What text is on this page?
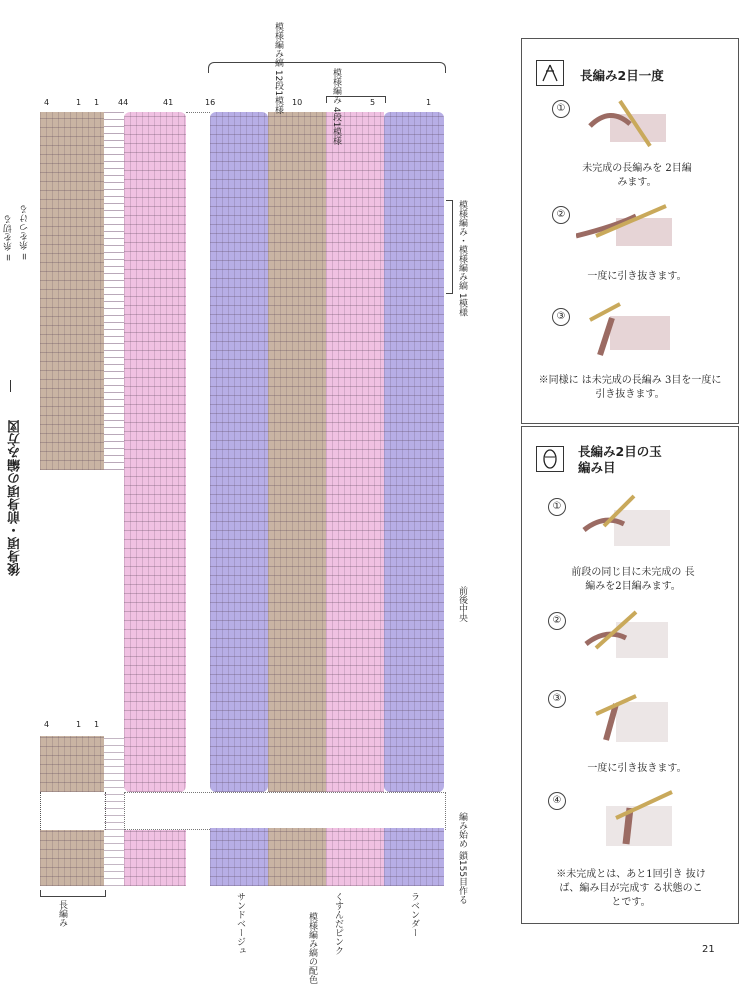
後身頃・前身頃の編み方図
= 糸を切る = 糸をつける
4	1 1 44	41	16	10	5	1
4	1 1
模様編み縞 12段1模様	模様編み 4段1模様
模様編み・模様編み縞 1模様
前後中央
編み始め 鎖155目作る
長編み	サンドベージュ	くすんだピンク	ラベンダー
模様編み縞の配色
長編み2目一度
①
未完成の長編みを 2目編みます。
②
一度に引き抜きます。
③
※同様に は未完成の長編み 3目を一度に引き抜きます。
長編み2目の玉編み目
①
前段の同じ目に未完成の 長編みを2目編みます。
②
③
一度に引き抜きます。
④
※未完成とは、あと1回引き 抜けば、編み目が完成す る状態のことです。
21
